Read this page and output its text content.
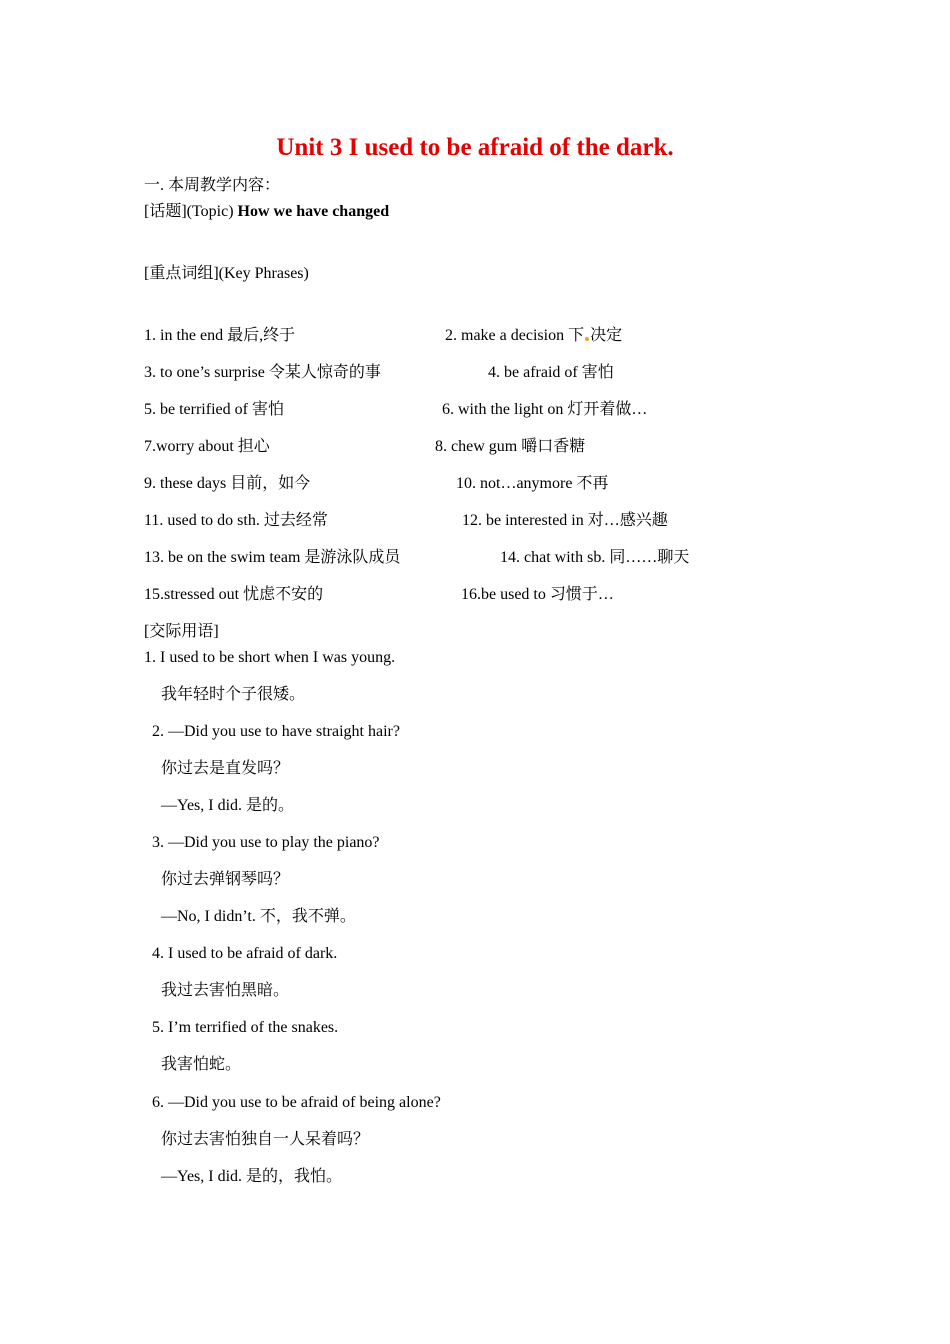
Unit 3 I used to be afraid of the dark.
一. 本周教学内容：
[话题](Topic) How we have changed
[重点词组](Key Phrases)
1. in the end 最后,终于	2. make a decision 下 决定
3. to one’s surprise 令某人惊奇的事	4. be afraid of 害怕
5. be terrified of 害怕	6. with the light on 灯开着做…
7.worry about 担心	8. chew gum 嚼口香糖
9. these days 目前，如今	10. not…anymore 不再
11. used to do sth. 过去经常	12. be interested in 对…感兴趣
13. be on the swim team 是游泳队成员	14. chat with sb. 同……聊天
15.stressed out 忧虑不安的	16.be used to 习惯于…
[交际用语]
1. I used to be short when I was young.
我年轻时个子很矮。
2. —Did you use to have straight hair?
你过去是直发吗？
—Yes, I did. 是的。
3. —Did you use to play the piano?
你过去弹钢琴吗？
—No, I didn’t. 不，我不弹。
4. I used to be afraid of dark.
我过去害怕黑暗。
5. I’m terrified of the snakes.
我害怕蛇。
6. —Did you use to be afraid of being alone?
你过去害怕独自一人呆着吗？
—Yes, I did. 是的，我怕。
